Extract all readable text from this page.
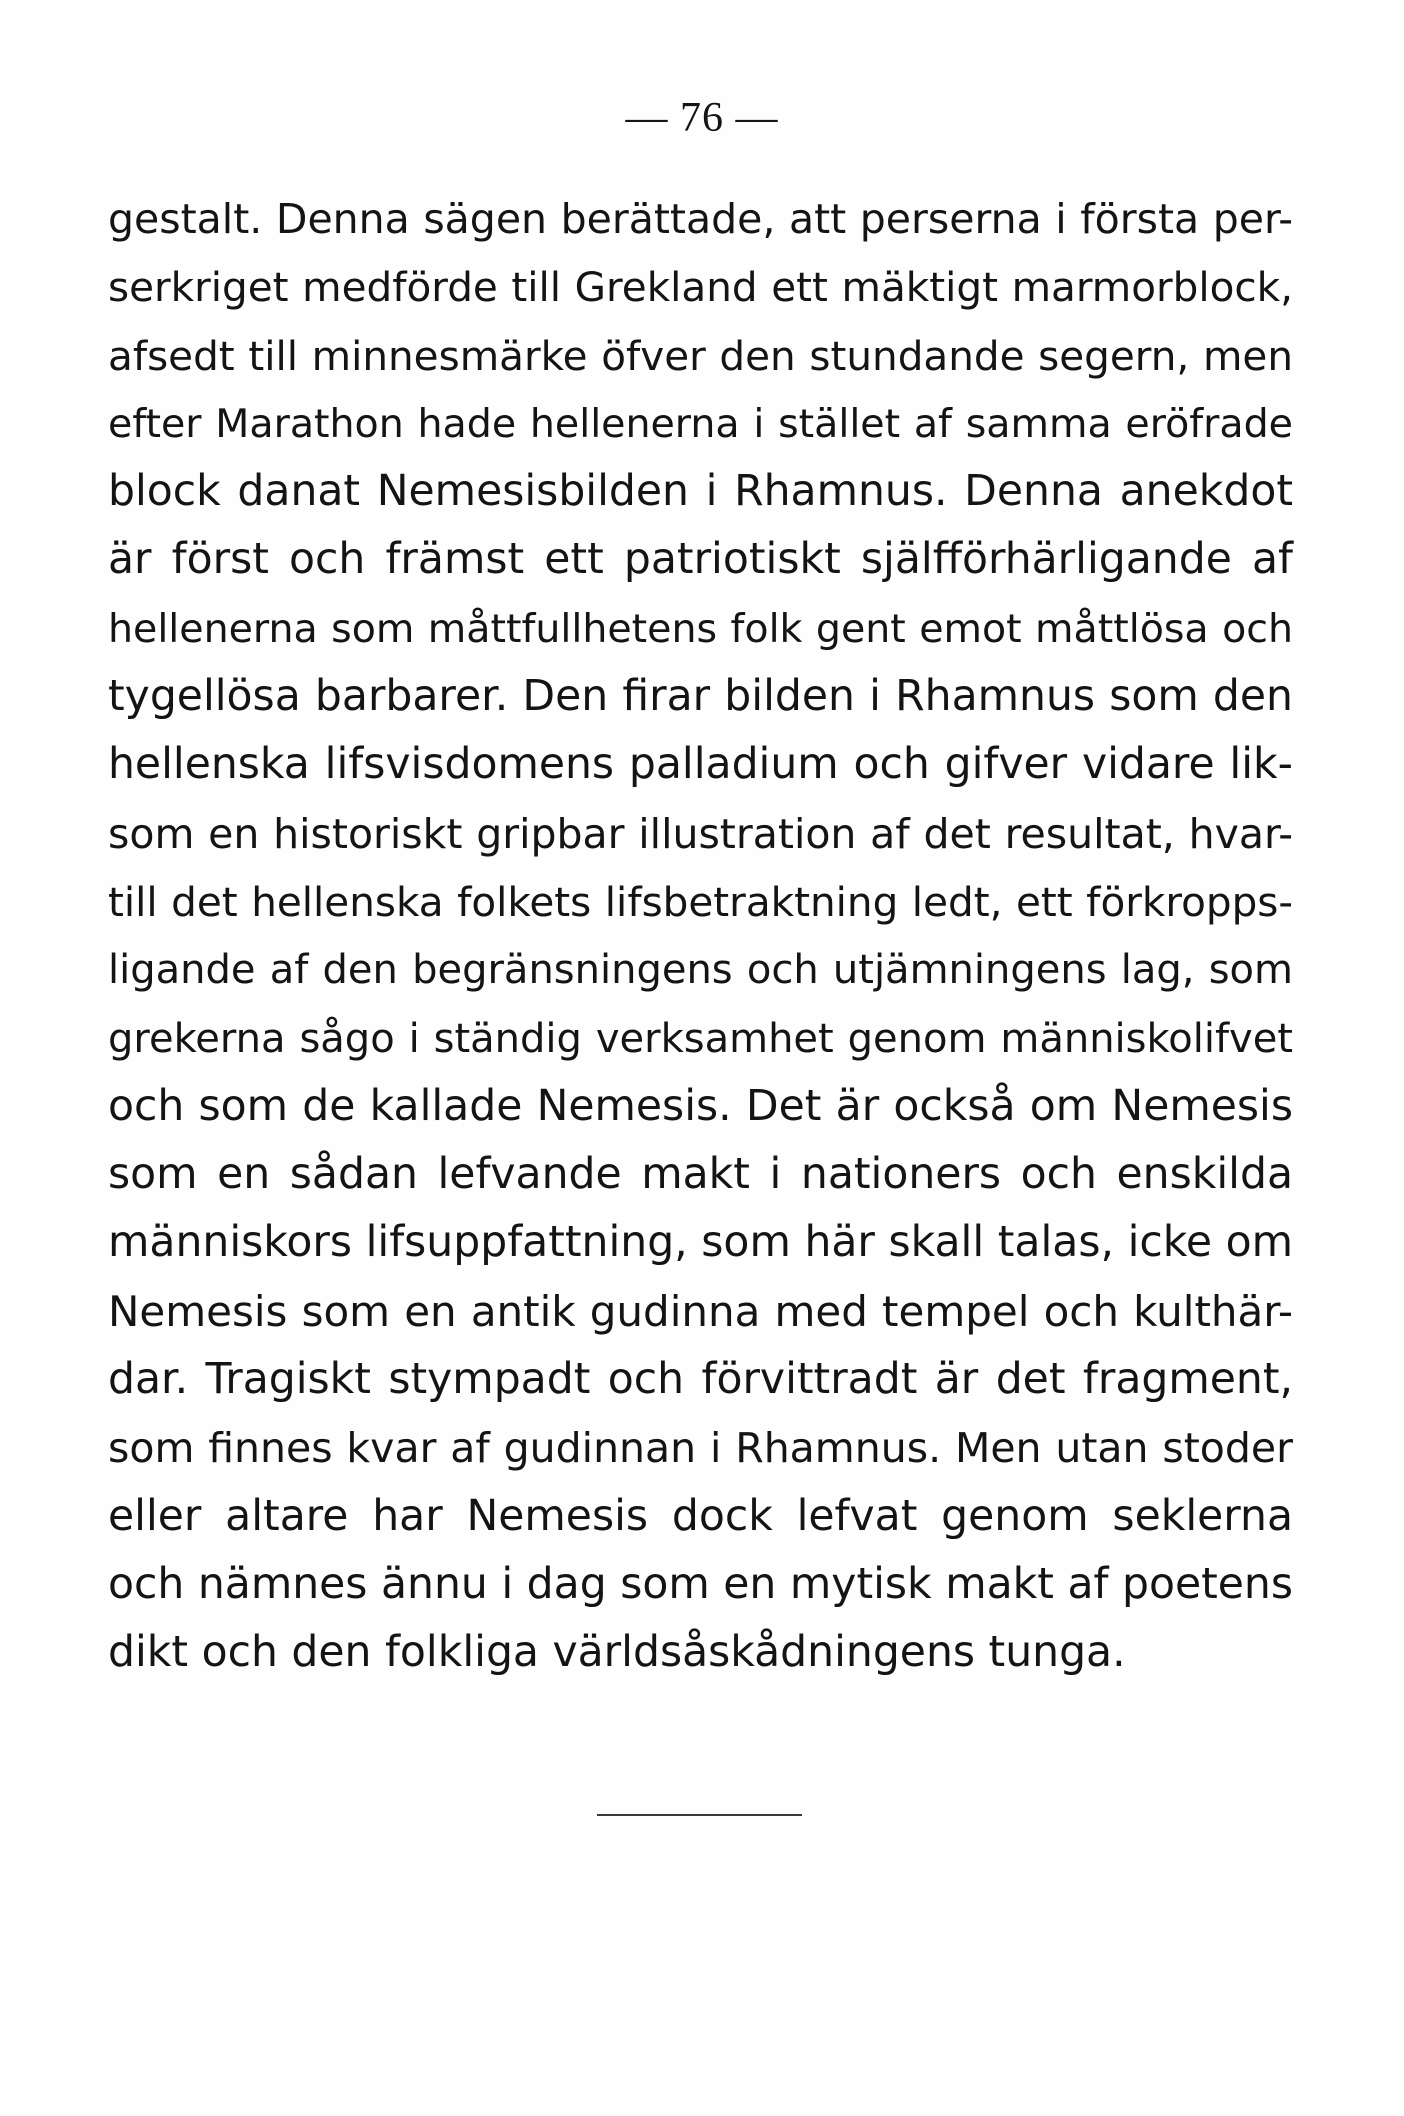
— 76 —
gestalt. Denna sägen berättade, att perserna i första per-
serkriget medförde till Grekland ett mäktigt marmorblock,
afsedt till minnesmärke öfver den stundande segern, men
efter Marathon hade hellenerna i stället af samma eröfrade
block danat Nemesisbilden i Rhamnus. Denna anekdot
är först och främst ett patriotiskt själfförhärligande af
hellenerna som måttfullhetens folk gent emot måttlösa och
tygellösa barbarer. Den firar bilden i Rhamnus som den
hellenska lifsvisdomens palladium och gifver vidare lik-
som en historiskt gripbar illustration af det resultat, hvar-
till det hellenska folkets lifsbetraktning ledt, ett förkropps-
ligande af den begränsningens och utjämningens lag, som
grekerna sågo i ständig verksamhet genom människolifvet
och som de kallade Nemesis. Det är också om Nemesis
som en sådan lefvande makt i nationers och enskilda
människors lifsuppfattning, som här skall talas, icke om
Nemesis som en antik gudinna med tempel och kulthär-
dar. Tragiskt stympadt och förvittradt är det fragment,
som finnes kvar af gudinnan i Rhamnus. Men utan stoder
eller altare har Nemesis dock lefvat genom seklerna
och nämnes ännu i dag som en mytisk makt af poetens
dikt och den folkliga världsåskådningens tunga.
